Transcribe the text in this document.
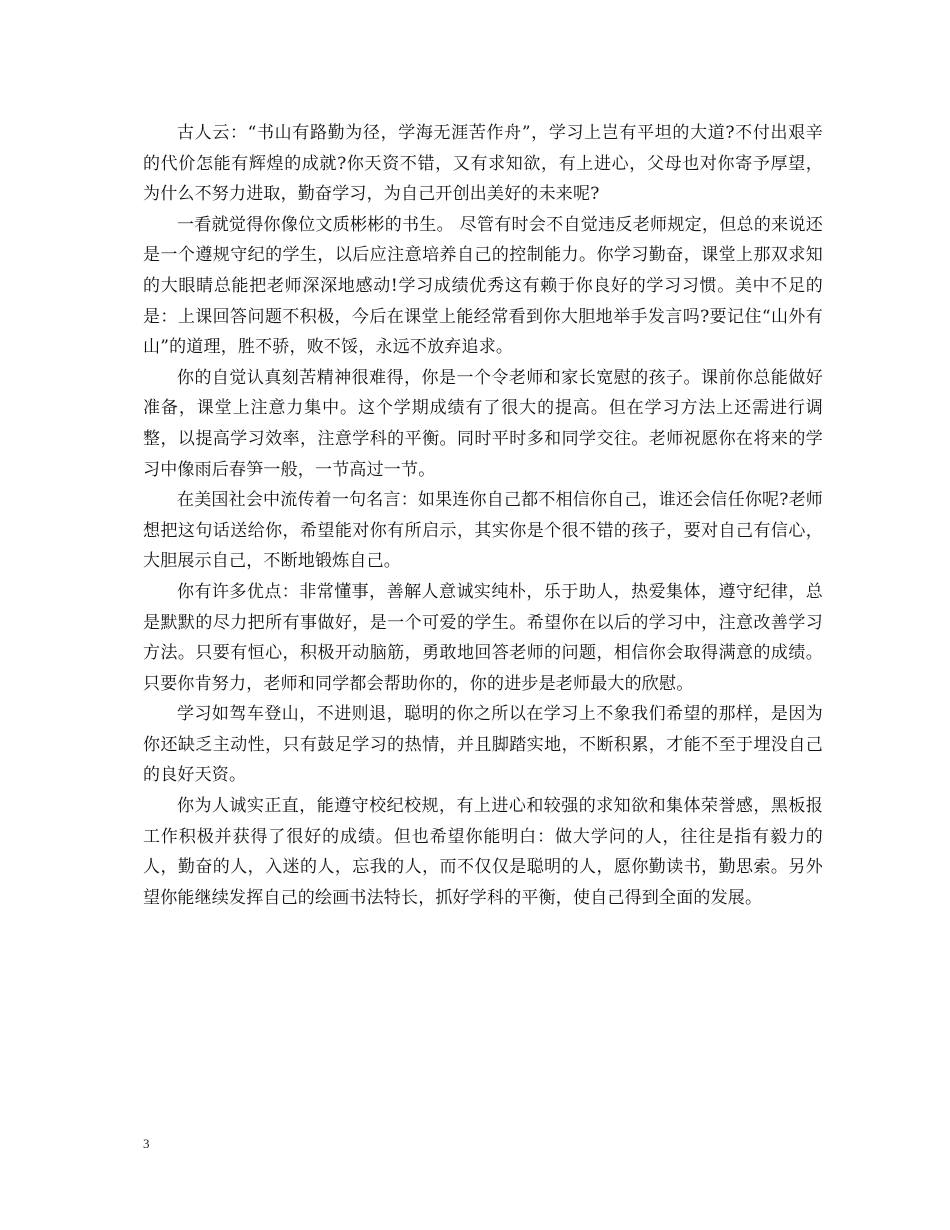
古人云：“书山有路勤为径，学海无涯苦作舟”，学习上岂有平坦的大道?不付出艰辛的代价怎能有辉煌的成就?你天资不错，又有求知欲，有上进心，父母也对你寄予厚望，为什么不努力进取，勤奋学习，为自己开创出美好的未来呢?

一看就觉得你像位文质彬彬的书生。 尽管有时会不自觉违反老师规定，但总的来说还是一个遵规守纪的学生，以后应注意培养自己的控制能力。你学习勤奋，课堂上那双求知的大眼睛总能把老师深深地感动!学习成绩优秀这有赖于你良好的学习习惯。美中不足的是：上课回答问题不积极，今后在课堂上能经常看到你大胆地举手发言吗?要记住“山外有山”的道理，胜不骄，败不馁，永远不放弃追求。

你的自觉认真刻苦精神很难得，你是一个令老师和家长宽慰的孩子。课前你总能做好准备，课堂上注意力集中。这个学期成绩有了很大的提高。但在学习方法上还需进行调整，以提高学习效率，注意学科的平衡。同时平时多和同学交往。老师祝愿你在将来的学习中像雨后春笋一般，一节高过一节。

在美国社会中流传着一句名言：如果连你自己都不相信你自己，谁还会信任你呢?老师想把这句话送给你，希望能对你有所启示，其实你是个很不错的孩子，要对自己有信心，大胆展示自己，不断地锻炼自己。

你有许多优点：非常懂事，善解人意诚实纯朴，乐于助人，热爱集体，遵守纪律，总是默默的尽力把所有事做好，是一个可爱的学生。希望你在以后的学习中，注意改善学习方法。只要有恒心，积极开动脑筋，勇敢地回答老师的问题，相信你会取得满意的成绩。只要你肯努力，老师和同学都会帮助你的，你的进步是老师最大的欣慰。

学习如驾车登山，不进则退，聪明的你之所以在学习上不象我们希望的那样，是因为你还缺乏主动性，只有鼓足学习的热情，并且脚踏实地，不断积累，才能不至于埋没自己的良好天资。

你为人诚实正直，能遵守校纪校规，有上进心和较强的求知欲和集体荣誉感，黑板报工作积极并获得了很好的成绩。但也希望你能明白：做大学问的人，往往是指有毅力的人，勤奋的人，入迷的人，忘我的人，而不仅仅是聪明的人，愿你勤读书，勤思索。另外望你能继续发挥自己的绘画书法特长，抓好学科的平衡，使自己得到全面的发展。

3
